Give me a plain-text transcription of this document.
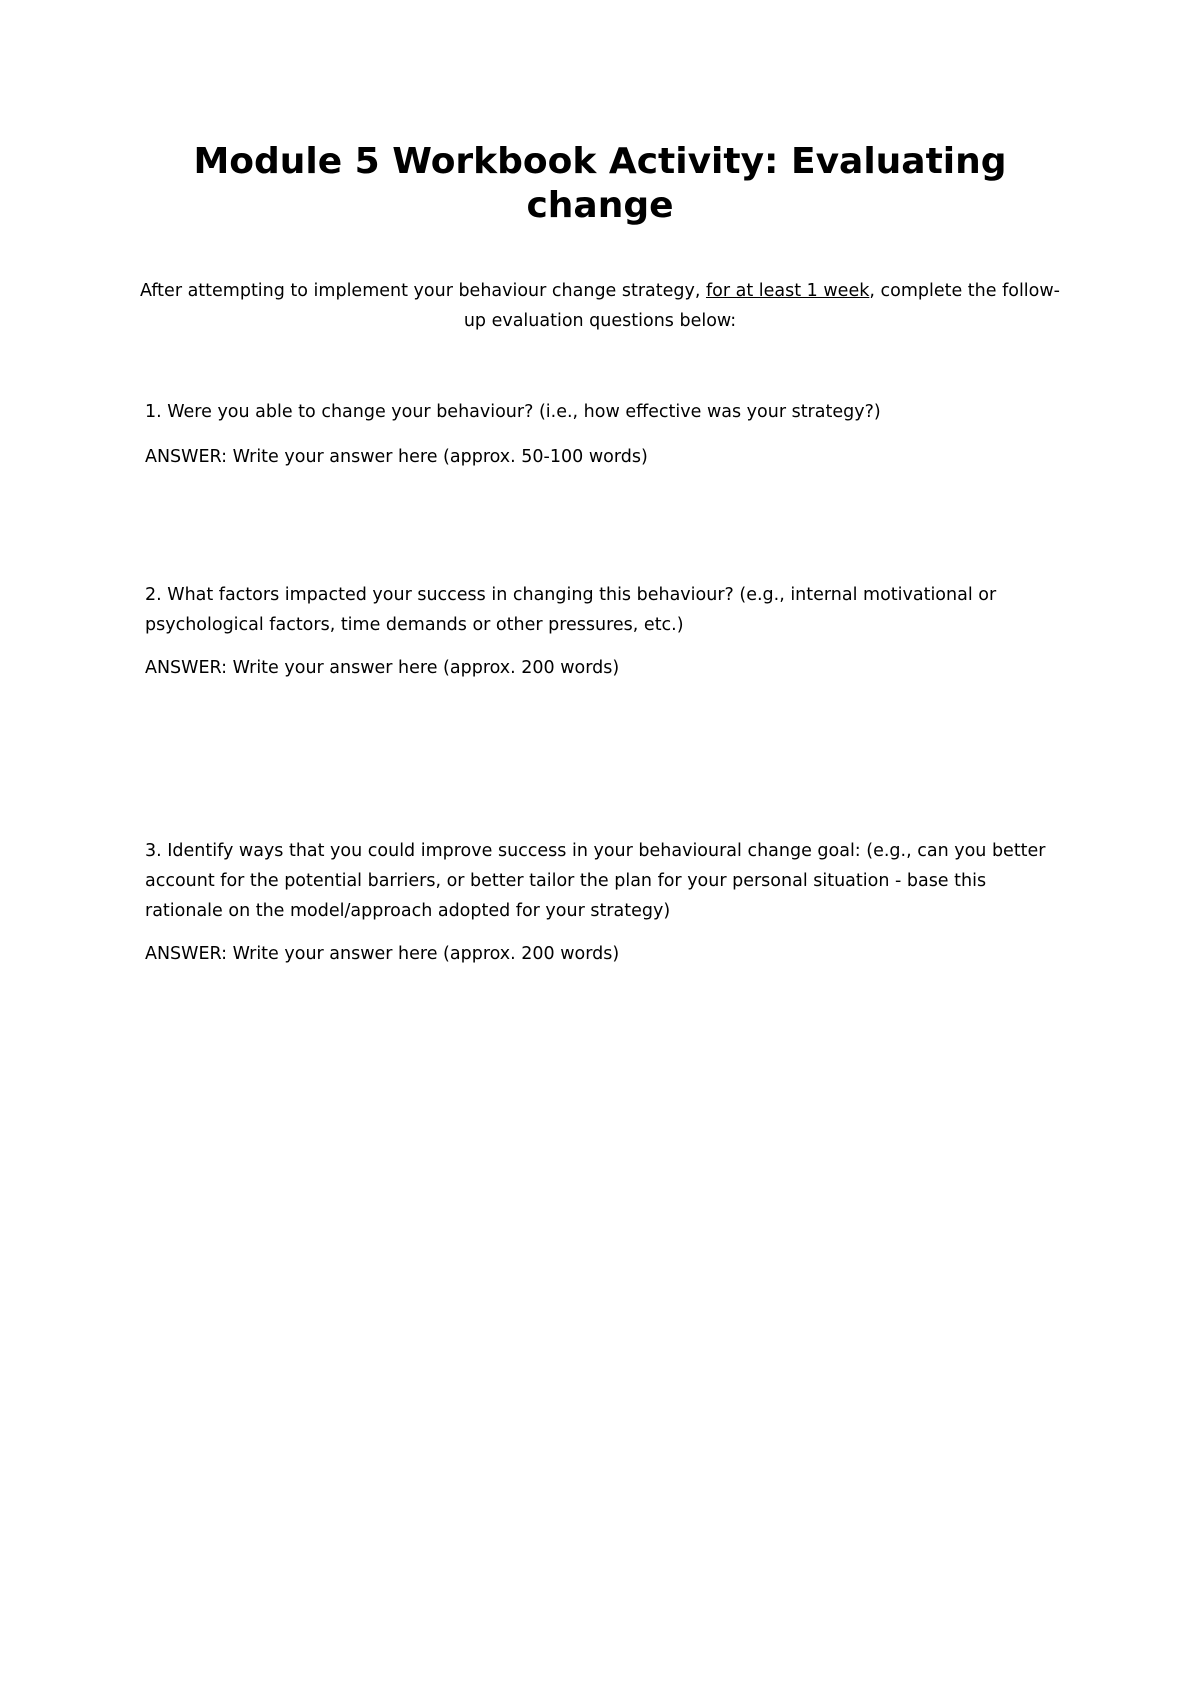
Module 5 Workbook Activity: Evaluating change

After attempting to implement your behaviour change strategy, for at least 1 week, complete the follow-up evaluation questions below:

1. Were you able to change your behaviour? (i.e., how effective was your strategy?)

ANSWER: Write your answer here (approx. 50-100 words)

2. What factors impacted your success in changing this behaviour? (e.g., internal motivational or psychological factors, time demands or other pressures, etc.)

ANSWER: Write your answer here (approx. 200 words)

3. Identify ways that you could improve success in your behavioural change goal: (e.g., can you better account for the potential barriers, or better tailor the plan for your personal situation - base this rationale on the model/approach adopted for your strategy)

ANSWER: Write your answer here (approx. 200 words)
